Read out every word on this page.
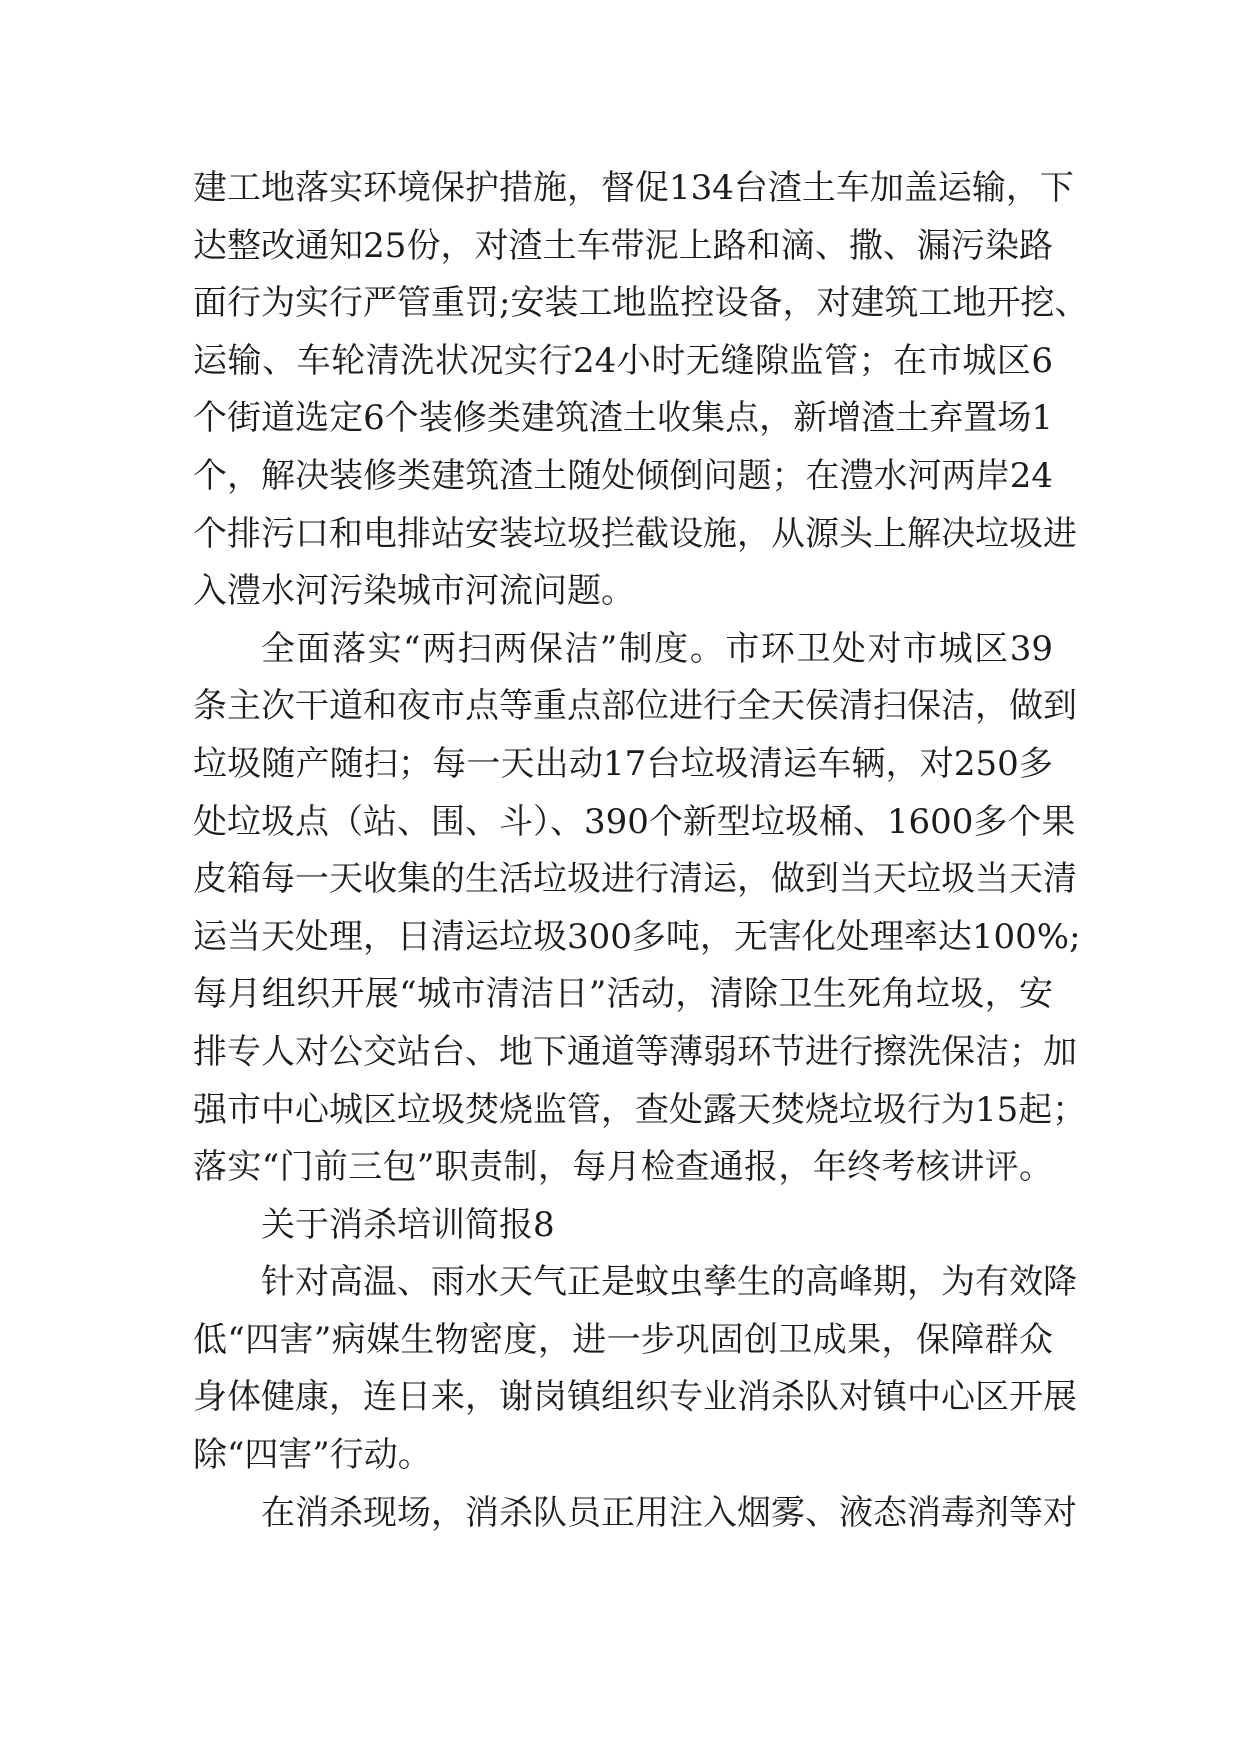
建工地落实环境保护措施，督促134台渣土车加盖运输，下
达整改通知25份，对渣土车带泥上路和滴、撒、漏污染路
面行为实行严管重罚;安装工地监控设备，对建筑工地开挖、
运输、车轮清洗状况实行24小时无缝隙监管；在市城区6
个街道选定6个装修类建筑渣土收集点，新增渣土弃置场1
个，解决装修类建筑渣土随处倾倒问题；在澧水河两岸24
个排污口和电排站安装垃圾拦截设施，从源头上解决垃圾进
入澧水河污染城市河流问题。
全面落实“两扫两保洁”制度。市环卫处对市城区39
条主次干道和夜市点等重点部位进行全天侯清扫保洁，做到
垃圾随产随扫；每一天出动17台垃圾清运车辆，对250多
处垃圾点（站、围、斗）、390个新型垃圾桶、1600多个果
皮箱每一天收集的生活垃圾进行清运，做到当天垃圾当天清
运当天处理，日清运垃圾300多吨，无害化处理率达100%;
每月组织开展“城市清洁日”活动，清除卫生死角垃圾，安
排专人对公交站台、地下通道等薄弱环节进行擦洗保洁；加
强市中心城区垃圾焚烧监管，查处露天焚烧垃圾行为15起；
落实“门前三包”职责制，每月检查通报，年终考核讲评。
关于消杀培训简报8
针对高温、雨水天气正是蚊虫孳生的高峰期，为有效降
低“四害”病媒生物密度，进一步巩固创卫成果，保障群众
身体健康，连日来，谢岗镇组织专业消杀队对镇中心区开展
除“四害”行动。
在消杀现场，消杀队员正用注入烟雾、液态消毒剂等对
